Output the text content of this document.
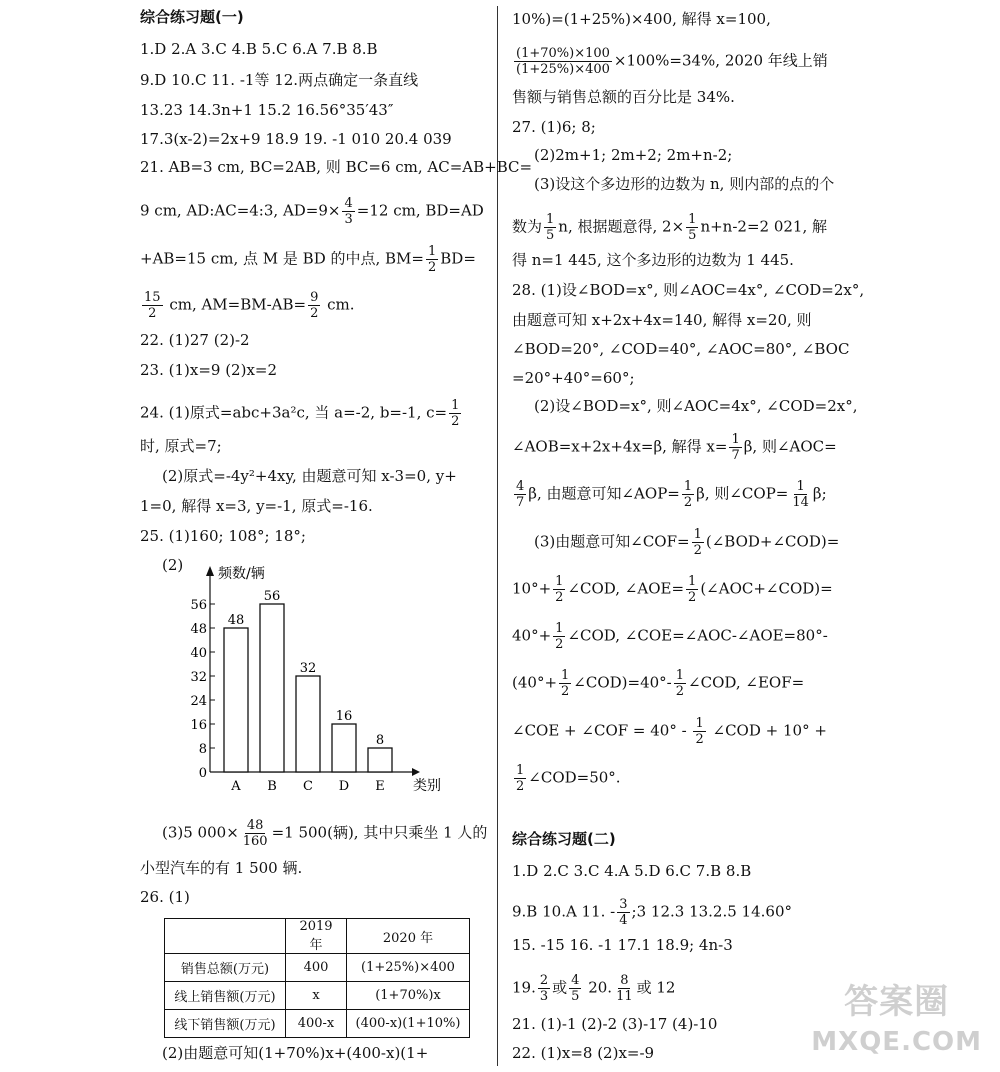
综合练习题(一)
1.D 2.A 3.C 4.B 5.C 6.A 7.B 8.B
9.D 10.C 11. -1等 12.两点确定一条直线
13.23 14.3n+1 15.2 16.56°35′43″
17.3(x-2)=2x+9 18.9 19. -1 010 20.4 039
21. AB=3 cm, BC=2AB, 则 BC=6 cm, AC=AB+BC=
9 cm, AD:AC=4:3, $AD=9\times \frac{4}{3} =12$ cm, BD=AD
+AB=15 cm, 点 M 是 BD 的中点, $BM= \frac{1}{2} BD=$
$\frac{15}{2}$ cm, $AM=BM-AB= \frac{9}{2}$ cm.
22. (1)27 (2)-2
23. (1)x=9 (2)x=2
24. (1)原式=abc+3a²c, 当 a=-2, b=-1, $c= \frac{1}{2}$
时, 原式=7;
(2)原式=-4y²+4xy, 由题意可知 x-3=0, y+
1=0, 解得 x=3, y=-1, 原式=-16.
25. (1)160; 108°; 18°;
(2) 频数/辆
类别
0
8
16
24
32
40
48
56
48
A
56
B
32
C
16
D
8
E
(3)5 $000\times \frac{48}{160} =1$ 500(辆), 其中只乘坐 1 人的
小型汽车的有 1 500 辆.
26. (1)
	2019 年	2020 年
销售总额(万元)	400	(1+25%)×400
线上销售额(万元)	x	(1+70%)x
线下销售额(万元)	400-x	(400-x)(1+10%)
(2)由题意可知(1+70%)x+(400-x)(1+
10%)=(1+25%)×400, 解得 x=100,
$\frac{(1+70\%)\times 100}{(1+25\%)\times 400} \times 100\%=34\%$, 2020 年线上销
售额与销售总额的百分比是 34%.
27. (1)6; 8;
(2)2m+1; 2m+2; 2m+n-2;
(3)设这个多边形的边数为 n, 则内部的点的个
数为 $\frac{1}{5} n$, 根据题意得, $2\times \frac{1}{5} n+n-2=2$ 021, 解
得 n=1 445, 这个多边形的边数为 1 445.
28. (1)设∠BOD=x°, 则∠AOC=4x°, ∠COD=2x°,
由题意可知 x+2x+4x=140, 解得 x=20, 则
∠BOD=20°, ∠COD=40°, ∠AOC=80°, ∠BOC
=20°+40°=60°;
(2)设∠BOD=x°, 则∠AOC=4x°, ∠COD=2x°,
∠AOB=x+2x+4x=β, 解得 $x= \frac{1}{7} \beta$, 则∠AOC=
$\frac{4}{7} \beta$, 由题意可知∠AOP= $\frac{1}{2} \beta$, 则∠COP= $\frac{1}{14} \beta$;
(3)由题意可知∠COF= $\frac{1}{2}$ (∠BOD+∠COD)=
$10^\circ+ \frac{1}{2}$ ∠COD, ∠AOE= $\frac{1}{2}$ (∠AOC+∠COD)=
$40^\circ+ \frac{1}{2}$ ∠COD, ∠COE=∠AOC-∠AOE=80°-
($40^\circ+ \frac{1}{2}$ ∠COD)=40°- $\frac{1}{2}$ ∠COD, ∠EOF=
∠COE + ∠COF = $40^\circ - \frac{1}{2}$ ∠COD + 10° +
$\frac{1}{2}$ ∠COD=50°.
综合练习题(二)
1.D 2.C 3.C 4.A 5.D 6.C 7.B 8.B
9.B 10.A 11. - $\frac{3}{4}$ ;3 12.3 13.2.5 14.60°
15. -15 16. -1 17.1 18.9; 4n-3
19. $\frac{2}{3}$ 或 $\frac{4}{5} 20$. $\frac{8}{11}$ 或 12
21. (1)-1 (2)-2 (3)-17 (4)-10
22. (1)x=8 (2)x=-9
答案圈
MXQE.COM
